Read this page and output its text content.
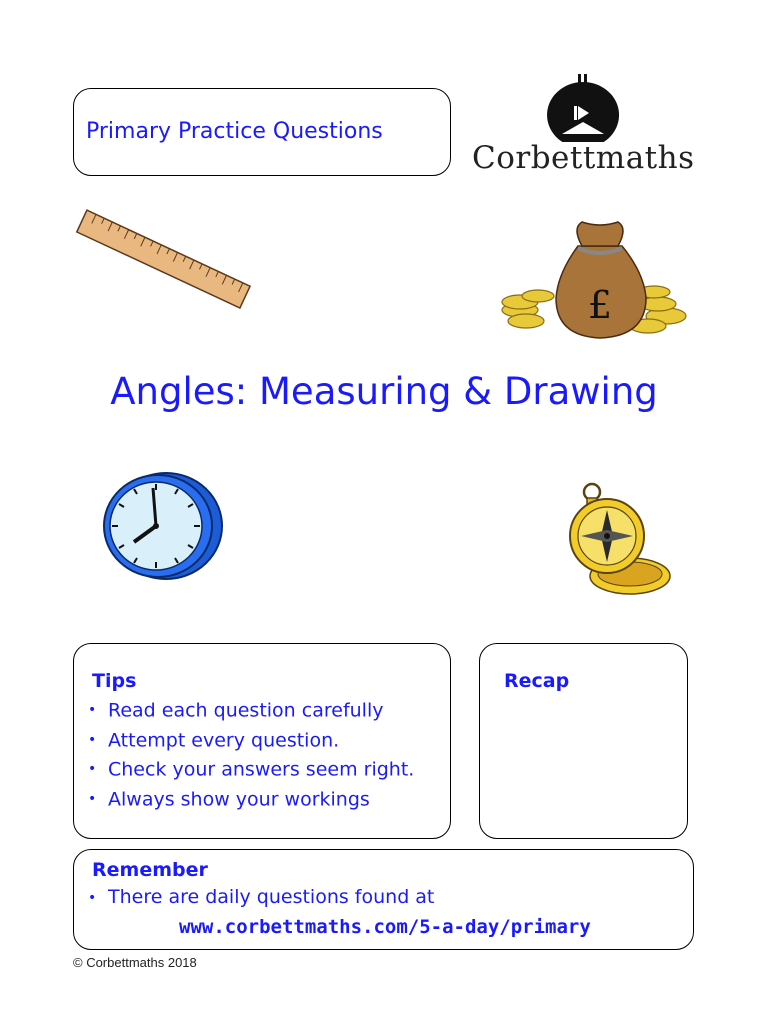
Primary Practice Questions
Corbettmaths
£
Angles: Measuring & Drawing
Tips
• Read each question carefully
• Attempt every question.
• Check your answers seem right.
• Always show your workings
Recap
Remember
• There are daily questions found at
www.corbettmaths.com/5-a-day/primary
© Corbettmaths 2018
